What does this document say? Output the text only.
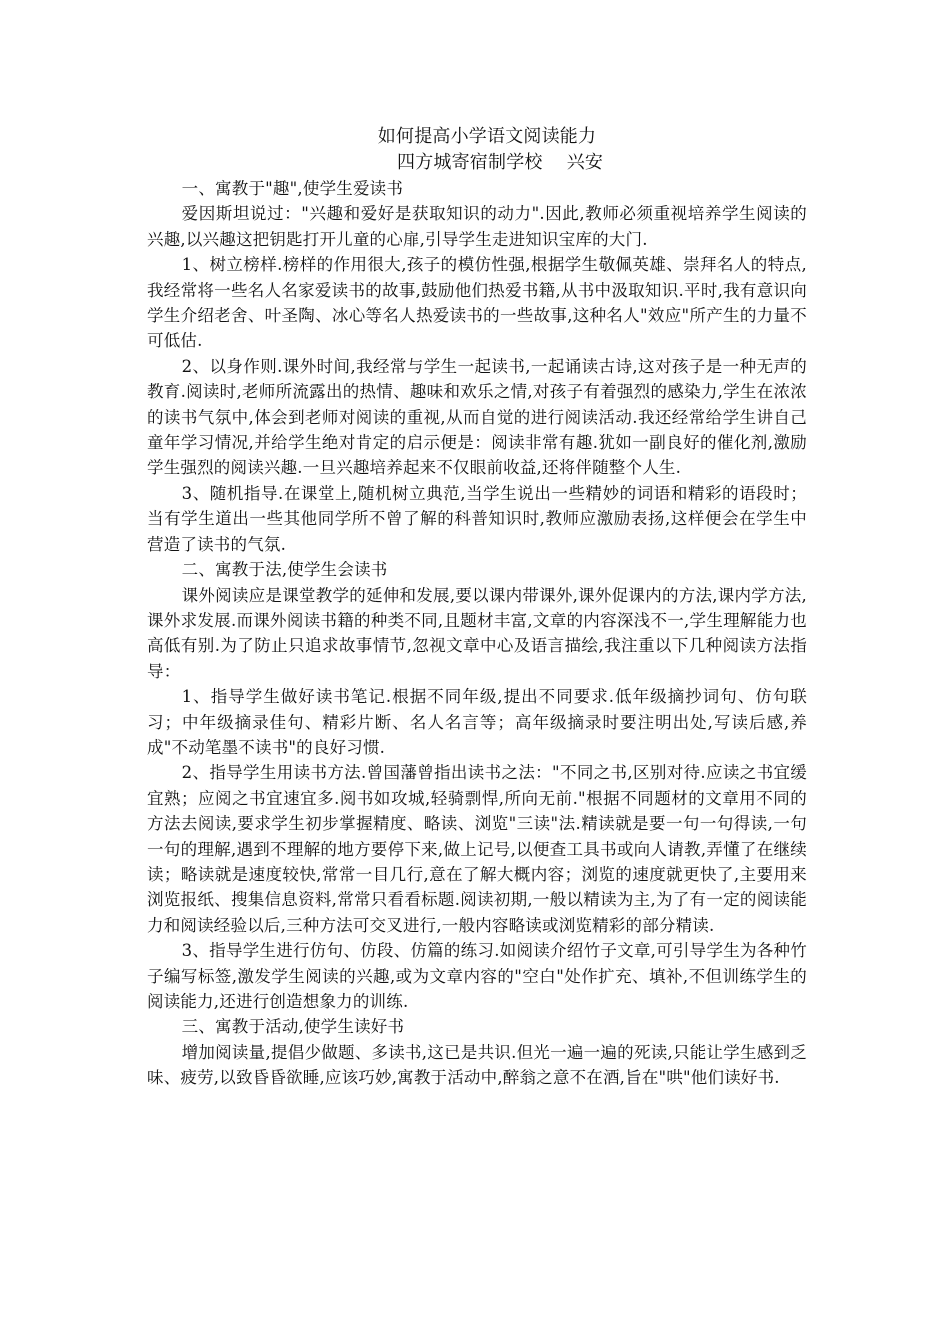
如何提高小学语文阅读能力
四方城寄宿制学校　 兴安

一、寓教于"趣",使学生爱读书

爱因斯坦说过："兴趣和爱好是获取知识的动力".因此,教师必须重视培养学生阅读的兴趣,以兴趣这把钥匙打开儿童的心扉,引导学生走进知识宝库的大门.

1、树立榜样.榜样的作用很大,孩子的模仿性强,根据学生敬佩英雄、崇拜名人的特点,我经常将一些名人名家爱读书的故事,鼓励他们热爱书籍,从书中汲取知识.平时,我有意识向学生介绍老舍、叶圣陶、冰心等名人热爱读书的一些故事,这种名人"效应"所产生的力量不可低估.

2、以身作则.课外时间,我经常与学生一起读书,一起诵读古诗,这对孩子是一种无声的教育.阅读时,老师所流露出的热情、趣味和欢乐之情,对孩子有着强烈的感染力,学生在浓浓的读书气氛中,体会到老师对阅读的重视,从而自觉的进行阅读活动.我还经常给学生讲自己童年学习情况,并给学生绝对肯定的启示便是：阅读非常有趣.犹如一副良好的催化剂,激励学生强烈的阅读兴趣.一旦兴趣培养起来不仅眼前收益,还将伴随整个人生.

3、随机指导.在课堂上,随机树立典范,当学生说出一些精妙的词语和精彩的语段时；当有学生道出一些其他同学所不曾了解的科普知识时,教师应激励表扬,这样便会在学生中营造了读书的气氛.

二、寓教于法,使学生会读书

课外阅读应是课堂教学的延伸和发展,要以课内带课外,课外促课内的方法,课内学方法,课外求发展.而课外阅读书籍的种类不同,且题材丰富,文章的内容深浅不一,学生理解能力也高低有别.为了防止只追求故事情节,忽视文章中心及语言描绘,我注重以下几种阅读方法指导：

1、指导学生做好读书笔记.根据不同年级,提出不同要求.低年级摘抄词句、仿句联习；中年级摘录佳句、精彩片断、名人名言等；高年级摘录时要注明出处,写读后感,养成"不动笔墨不读书"的良好习惯.

2、指导学生用读书方法.曾国藩曾指出读书之法："不同之书,区别对待.应读之书宜缓宜熟；应阅之书宜速宜多.阅书如攻城,轻骑剽悍,所向无前."根据不同题材的文章用不同的方法去阅读,要求学生初步掌握精度、略读、浏览"三读"法.精读就是要一句一句得读,一句一句的理解,遇到不理解的地方要停下来,做上记号,以便查工具书或向人请教,弄懂了在继续读；略读就是速度较快,常常一目几行,意在了解大概内容；浏览的速度就更快了,主要用来浏览报纸、搜集信息资料,常常只看看标题.阅读初期,一般以精读为主,为了有一定的阅读能力和阅读经验以后,三种方法可交叉进行,一般内容略读或浏览精彩的部分精读.

3、指导学生进行仿句、仿段、仿篇的练习.如阅读介绍竹子文章,可引导学生为各种竹子编写标签,激发学生阅读的兴趣,或为文章内容的"空白"处作扩充、填补,不但训练学生的阅读能力,还进行创造想象力的训练.

三、寓教于活动,使学生读好书

增加阅读量,提倡少做题、多读书,这已是共识.但光一遍一遍的死读,只能让学生感到乏味、疲劳,以致昏昏欲睡,应该巧妙,寓教于活动中,醉翁之意不在酒,旨在"哄"他们读好书.
